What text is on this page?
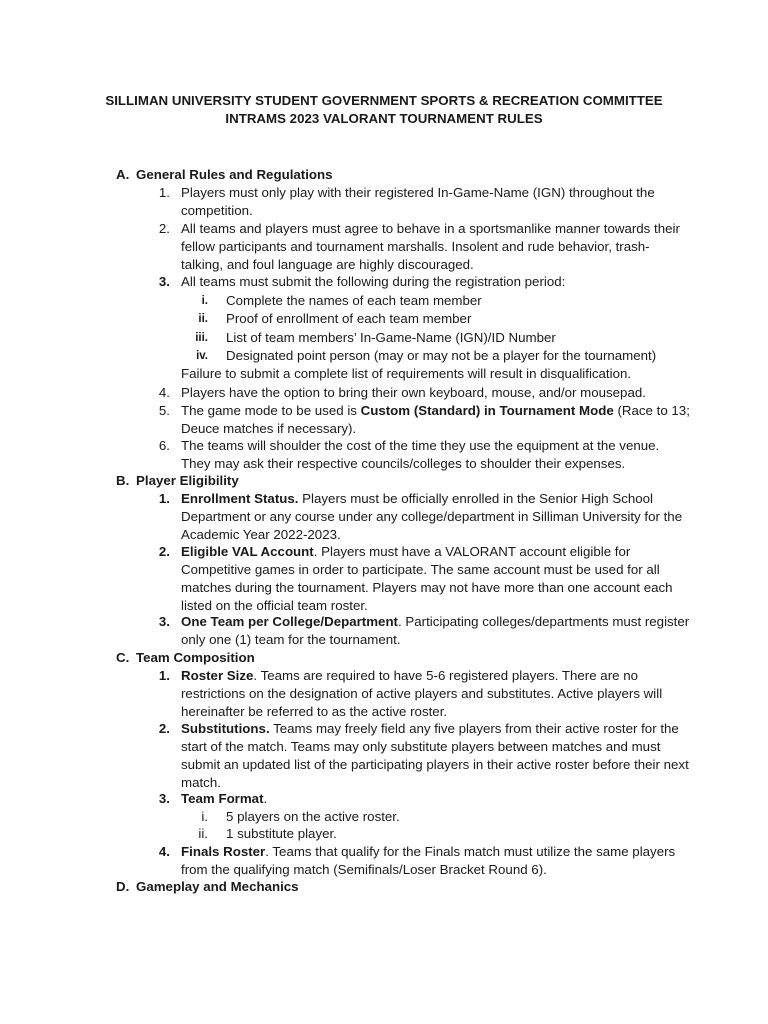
SILLIMAN UNIVERSITY STUDENT GOVERNMENT SPORTS & RECREATION COMMITTEE
INTRAMS 2023 VALORANT TOURNAMENT RULES
A. General Rules and Regulations
1. Players must only play with their registered In-Game-Name (IGN) throughout the competition.
2. All teams and players must agree to behave in a sportsmanlike manner towards their fellow participants and tournament marshalls. Insolent and rude behavior, trash-talking, and foul language are highly discouraged.
3. All teams must submit the following during the registration period:
i. Complete the names of each team member
ii. Proof of enrollment of each team member
iii. List of team members’ In-Game-Name (IGN)/ID Number
iv. Designated point person (may or may not be a player for the tournament)
Failure to submit a complete list of requirements will result in disqualification.
4. Players have the option to bring their own keyboard, mouse, and/or mousepad.
5. The game mode to be used is Custom (Standard) in Tournament Mode (Race to 13; Deuce matches if necessary).
6. The teams will shoulder the cost of the time they use the equipment at the venue. They may ask their respective councils/colleges to shoulder their expenses.
B. Player Eligibility
1. Enrollment Status. Players must be officially enrolled in the Senior High School Department or any course under any college/department in Silliman University for the Academic Year 2022-2023.
2. Eligible VAL Account. Players must have a VALORANT account eligible for Competitive games in order to participate. The same account must be used for all matches during the tournament. Players may not have more than one account each listed on the official team roster.
3. One Team per College/Department. Participating colleges/departments must register only one (1) team for the tournament.
C. Team Composition
1. Roster Size. Teams are required to have 5-6 registered players. There are no restrictions on the designation of active players and substitutes. Active players will hereinafter be referred to as the active roster.
2. Substitutions. Teams may freely field any five players from their active roster for the start of the match. Teams may only substitute players between matches and must submit an updated list of the participating players in their active roster before their next match.
3. Team Format.
i. 5 players on the active roster.
ii. 1 substitute player.
4. Finals Roster. Teams that qualify for the Finals match must utilize the same players from the qualifying match (Semifinals/Loser Bracket Round 6).
D. Gameplay and Mechanics
